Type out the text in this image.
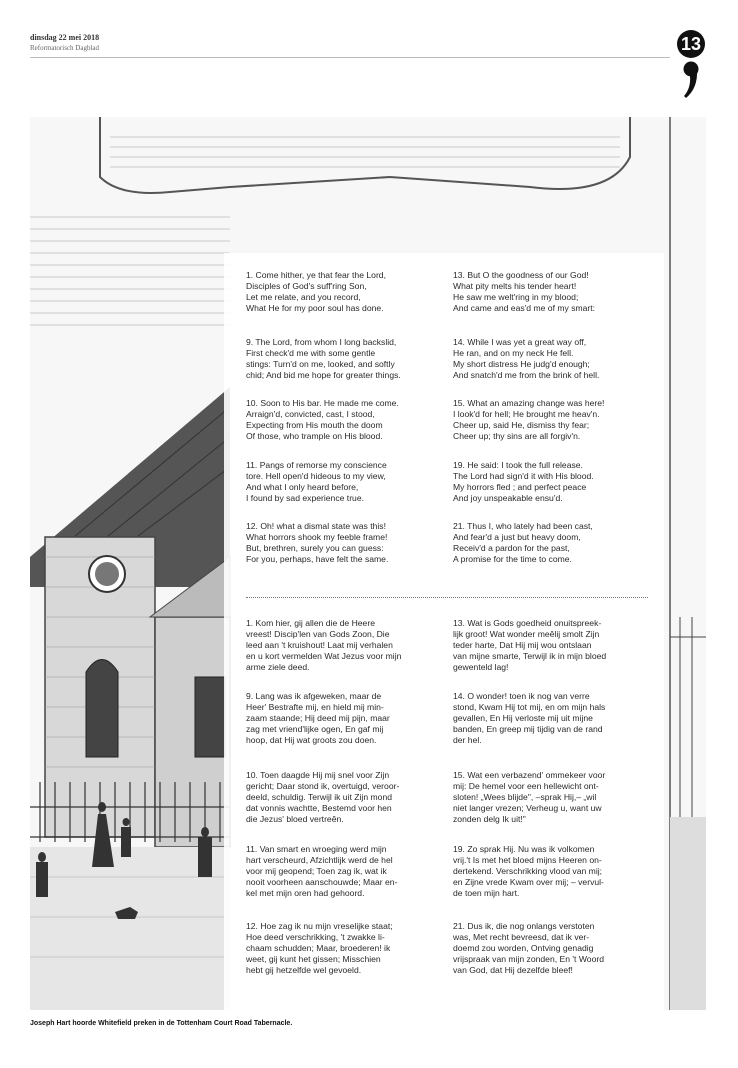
dinsdag 22 mei 2018
Reformatorisch Dagblad	13
1. Come hither, ye that fear the Lord,
Disciples of God's suff'ring Son,
Let me relate, and you record,
What He for my poor soul has done.
9. The Lord, from whom I long backslid,
First check'd me with some gentle
stings: Turn'd on me, looked, and softly
chid; And bid me hope for greater things.
10. Soon to His bar. He made me come.
Arraign'd, convicted, cast, I stood,
Expecting from His mouth the doom
Of those, who trample on His blood.
11. Pangs of remorse my conscience
tore. Hell open'd hideous to my view,
And what I only heard before,
I found by sad experience true.
12. Oh! what a dismal state was this!
What horrors shook my feeble frame!
But, brethren, surely you can guess:
For you, perhaps, have felt the same.
13. But O the goodness of our God!
What pity melts his tender heart!
He saw me welt'ring in my blood;
And came and eas'd me of my smart:
14. While I was yet a great way off,
He ran, and on my neck He fell.
My short distress He judg'd enough;
And snatch'd me from the brink of hell.
15. What an amazing change was here!
I look'd for hell; He brought me heav'n.
Cheer up, said He, dismiss thy fear;
Cheer up; thy sins are all forgiv'n.
19. He said: I took the full release.
The Lord had sign'd it with His blood.
My horrors fled ; and perfect peace
And joy unspeakable ensu'd.
21. Thus I, who lately had been cast,
And fear'd a just but heavy doom,
Receiv'd a pardon for the past,
A promise for the time to come.
1. Kom hier, gij allen die de Heere
vreest! Discip'len van Gods Zoon, Die
leed aan 't kruishout! Laat mij verhalen
en u kort vermelden Wat Jezus voor mijn
arme ziele deed.
9. Lang was ik afgeweken, maar de
Heer' Bestrafte mij, en hield mij min-
zaam staande; Hij deed mij pijn, maar
zag met vriend'lijke ogen, En gaf mij
hoop, dat Hij wat groots zou doen.
10. Toen daagde Hij mij snel voor Zijn
gericht; Daar stond ik, overtuigd, veroor-
deeld, schuldig. Terwijl ik uit Zijn mond
dat vonnis wachtte, Bestemd voor hen
die Jezus' bloed vertreên.
11. Van smart en wroeging werd mijn
hart verscheurd, Afzichtlijk werd de hel
voor mij geopend; Toen zag ik, wat ik
nooit voorheen aanschouwde; Maar en-
kel met mijn oren had gehoord.
12. Hoe zag ik nu mijn vreselijke staat;
Hoe deed verschrikking, 't zwakke li-
chaam schudden; Maar, broederen! ik
weet, gij kunt het gissen; Misschien
hebt gij hetzelfde wel gevoeld.
13. Wat is Gods goedheid onuitspreek-
lijk groot! Wat wonder meêlij smolt Zijn
teder harte, Dat Hij mij wou ontslaan
van mijne smarte, Terwijl ik in mijn bloed
gewenteld lag!
14. O wonder! toen ik nog van verre
stond, Kwam Hij tot mij, en om mijn hals
gevallen, En Hij verloste mij uit mijne
banden, En greep mij tijdig van de rand
der hel.
15. Wat een verbazend' ommekeer voor
mij: De hemel voor een hellewicht ont-
sloten! „Wees blijde", –sprak Hij,– „wil
niet langer vrezen; Verheug u, want uw
zonden delg Ik uit!"
19. Zo sprak Hij. Nu was ik volkomen
vrij.'t Is met het bloed mijns Heeren on-
dertekend. Verschrikking vlood van mij;
en Zijne vrede Kwam over mij; – vervul-
de toen mijn hart.
21. Dus ik, die nog onlangs verstoten
was, Met recht bevreesd, dat ik ver-
doemd zou worden, Ontving genadig
vrijspraak van mijn zonden, En 't Woord
van God, dat Hij dezelfde bleef!
Joseph Hart hoorde Whitefield preken in de Tottenham Court Road Tabernacle.
